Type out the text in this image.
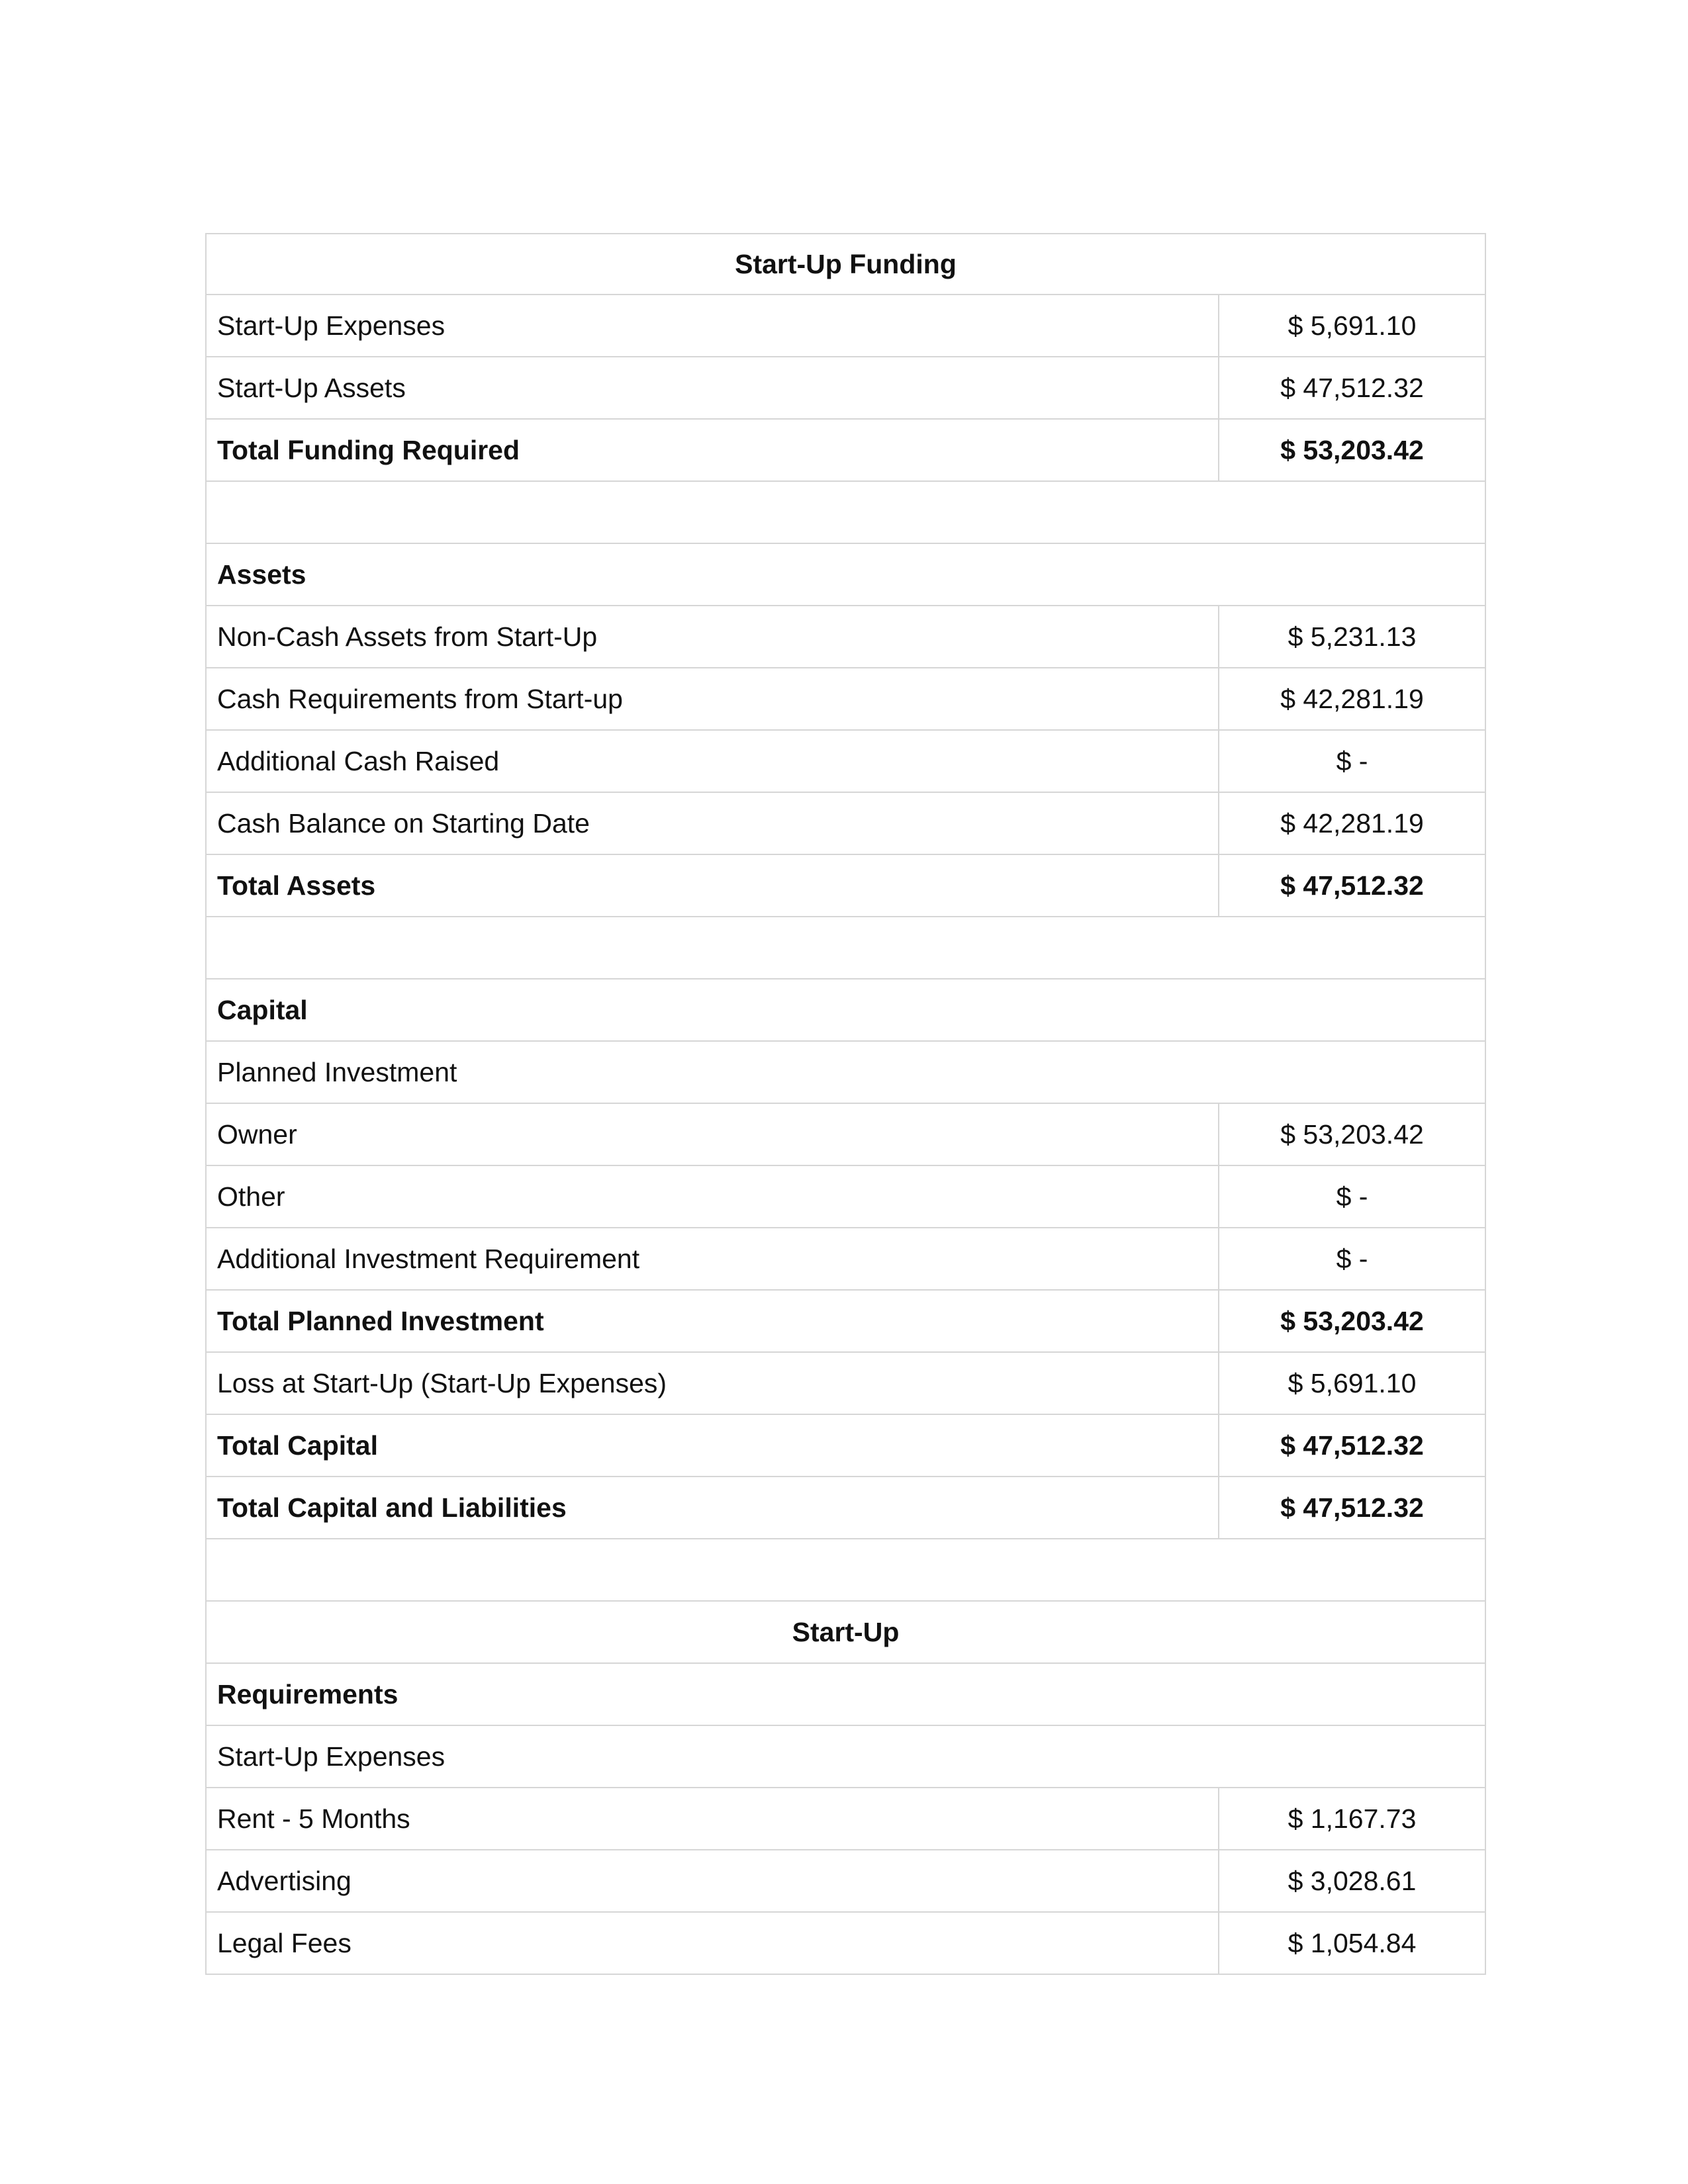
Start-Up Funding
Start-Up Expenses	$ 5,691.10
Start-Up Assets	$ 47,512.32
Total Funding Required	$ 53,203.42
Assets
Non-Cash Assets from Start-Up	$ 5,231.13
Cash Requirements from Start-up	$ 42,281.19
Additional Cash Raised	$ -
Cash Balance on Starting Date	$ 42,281.19
Total Assets	$ 47,512.32
Capital
Planned Investment
Owner	$ 53,203.42
Other	$ -
Additional Investment Requirement	$ -
Total Planned Investment	$ 53,203.42
Loss at Start-Up (Start-Up Expenses)	$ 5,691.10
Total Capital	$ 47,512.32
Total Capital and Liabilities	$ 47,512.32
Start-Up
Requirements
Start-Up Expenses
Rent - 5 Months	$ 1,167.73
Advertising	$ 3,028.61
Legal Fees	$ 1,054.84
